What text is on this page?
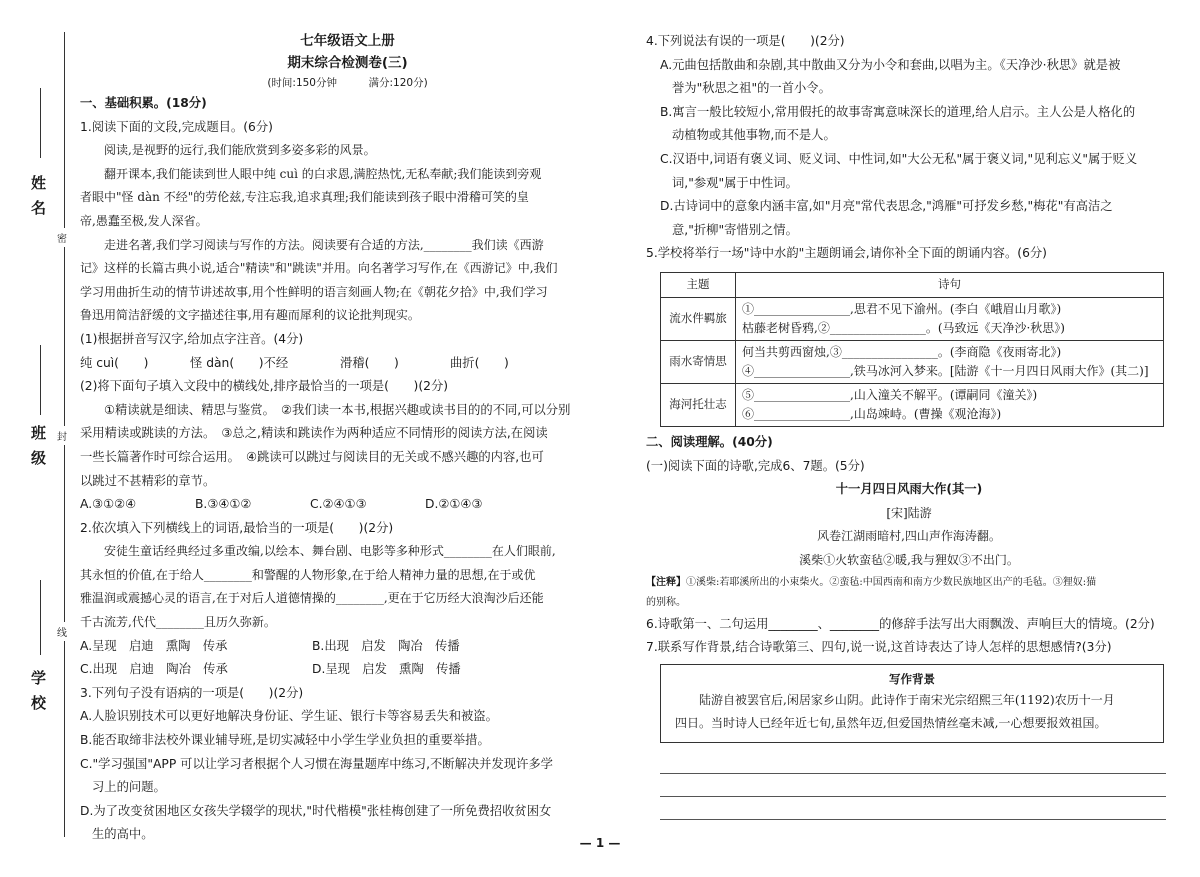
姓名
班级
学校
密
封
线
七年级语文上册
期末综合检测卷(三)
(时间:150分钟　　　满分:120分)

一、基础积累。(18分)

1.阅读下面的文段,完成题目。(6分)

阅读,是视野的远行,我们能欣赏到多姿多彩的风景。

翻开课本,我们能读到世人眼中纯 cuì 的白求恩,满腔热忱,无私奉献;我们能读到旁观

者眼中"怪 dàn 不经"的劳伦兹,专注忘我,追求真理;我们能读到孩子眼中滑稽可笑的皇

帝,愚蠢至极,发人深省。

走进名著,我们学习阅读与写作的方法。阅读要有合适的方法,________我们读《西游

记》这样的长篇古典小说,适合"精读"和"跳读"并用。向名著学习写作,在《西游记》中,我们

学习用曲折生动的情节讲述故事,用个性鲜明的语言刻画人物;在《朝花夕拾》中,我们学习

鲁迅用简洁舒缓的文字描述往事,用有趣而犀利的议论批判现实。

(1)根据拼音写汉字,给加点字注音。(4分)

纯 cuì(　　)	怪 dàn(　　)不经	滑稽(　　)	曲折(　　)

(2)将下面句子填入文段中的横线处,排序最恰当的一项是(　　)(2分)

①精读就是细读、精思与鉴赏。　②我们读一本书,根据兴趣或读书目的的不同,可以分别

采用精读或跳读的方法。　③总之,精读和跳读作为两种适应不同情形的阅读方法,在阅读

一些长篇著作时可综合运用。　④跳读可以跳过与阅读目的无关或不感兴趣的内容,也可

以跳过不甚精彩的章节。

A.③①②④	B.③④①②	C.②④①③	D.②①④③

2.依次填入下列横线上的词语,最恰当的一项是(　　)(2分)

安徒生童话经典经过多重改编,以绘本、舞台剧、电影等多种形式________在人们眼前,

其永恒的价值,在于给人________和警醒的人物形象,在于给人精神力量的思想,在于或优

雅温润或震撼心灵的语言,在于对后人道德情操的________,更在于它历经大浪淘沙后还能

千古流芳,代代________且历久弥新。

A.呈现　启迪　熏陶　传承	B.出现　启发　陶冶　传播

C.出现　启迪　陶冶　传承	D.呈现　启发　熏陶　传播

3.下列句子没有语病的一项是(　　)(2分)

A.人脸识别技术可以更好地解决身份证、学生证、银行卡等容易丢失和被盗。

B.能否取缔非法校外课业辅导班,是切实减轻中小学生学业负担的重要举措。

C."学习强国"APP 可以让学习者根据个人习惯在海量题库中练习,不断解决并发现许多学

习上的问题。

D.为了改变贫困地区女孩失学辍学的现状,"时代楷模"张桂梅创建了一所免费招收贫困女

生的高中。

4.下列说法有误的一项是(　　)(2分)

A.元曲包括散曲和杂剧,其中散曲又分为小令和套曲,以唱为主。《天净沙·秋思》就是被

誉为"秋思之祖"的一首小令。

B.寓言一般比较短小,常用假托的故事寄寓意味深长的道理,给人启示。主人公是人格化的

动植物或其他事物,而不是人。

C.汉语中,词语有褒义词、贬义词、中性词,如"大公无私"属于褒义词,"见利忘义"属于贬义

词,"参观"属于中性词。

D.古诗词中的意象内涵丰富,如"月亮"常代表思念,"鸿雁"可抒发乡愁,"梅花"有高洁之

意,"折柳"寄惜别之情。

5.学校将举行一场"诗中水韵"主题朗诵会,请你补全下面的朗诵内容。(6分)

主题	诗句
流水件羁旅	①________________,思君不见下渝州。(李白《峨眉山月歌》)
枯藤老树昏鸦,②________________。(马致远《天净沙·秋思》)

雨水寄情思	何当共剪西窗烛,③________________。(李商隐《夜雨寄北》)
④________________,铁马冰河入梦来。[陆游《十一月四日风雨大作》(其二)]

海河托壮志	⑤________________,山入潼关不解平。(谭嗣同《潼关》)
⑥________________,山岛竦峙。(曹操《观沧海》)

二、阅读理解。(40分)

(一)阅读下面的诗歌,完成6、7题。(5分)

十一月四日风雨大作(其一)

[宋]陆游

风卷江湖雨暗村,四山声作海涛翻。

溪柴①火软蛮毡②暖,我与狸奴③不出门。

【注释】①溪柴:若耶溪所出的小束柴火。②蛮毡:中国西南和南方少数民族地区出产的毛毡。③狸奴:猫

的别称。

6.诗歌第一、二句运用________、________的修辞手法写出大雨飘泼、声响巨大的情境。(2分)

7.联系写作背景,结合诗歌第三、四句,说一说,这首诗表达了诗人怎样的思想感情?(3分)

写作背景

陆游自被罢官后,闲居家乡山阴。此诗作于南宋光宗绍熙三年(1192)农历十一月

四日。当时诗人已经年近七旬,虽然年迈,但爱国热情丝毫未减,一心想要报效祖国。

— 1 —
